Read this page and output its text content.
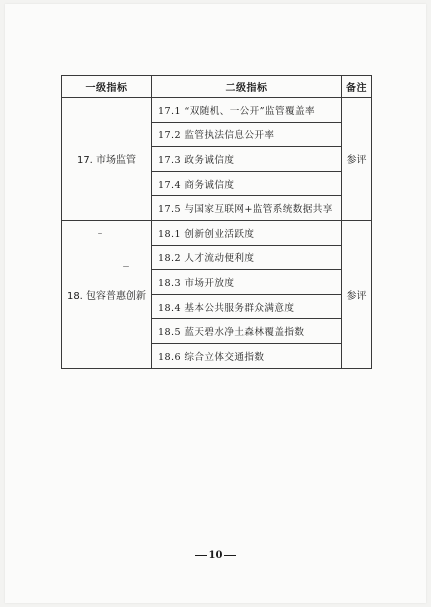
一级指标	二级指标	备注
17. 市场监管	17.1 “双随机、一公开”监管覆盖率	参评
	17.2 监管执法信息公开率	
	17.3 政务诚信度	
	17.4 商务诚信度	
	17.5 与国家互联网+监管系统数据共享	
18. 包容普惠创新	18.1 创新创业活跃度	参评
	18.2 人才流动便利度	
	18.3 市场开放度	
	18.4 基本公共服务群众满意度	
	18.5 蓝天碧水净土森林覆盖指数	
	18.6 综合立体交通指数	
10
